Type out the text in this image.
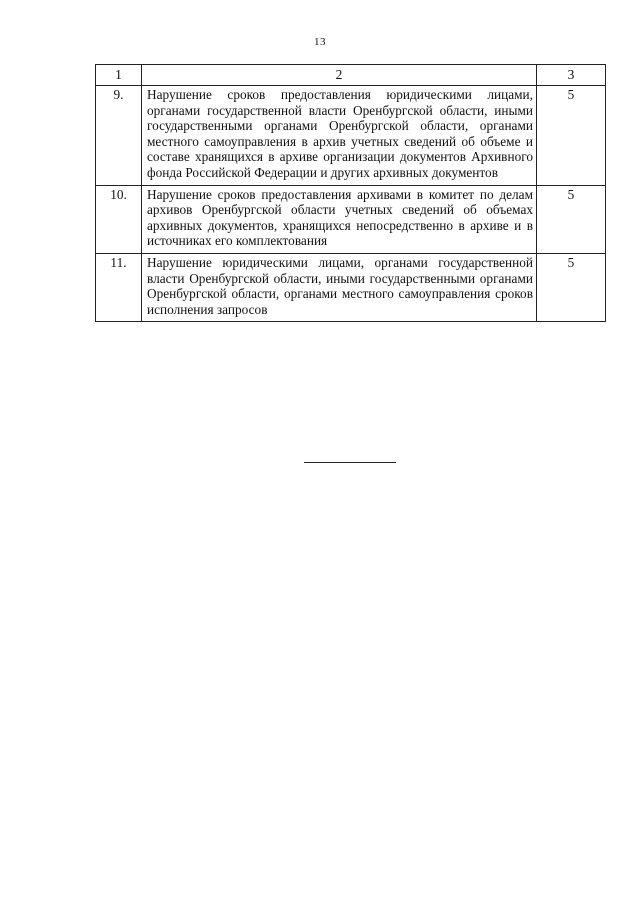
13
1	2	3
9.	Нарушение сроков предоставления юридическими лицами, органами государственной власти Оренбургской области, иными государственными органами Оренбургской области, органами местного самоуправления в архив учетных сведений об объеме и составе хранящихся в архиве организации документов Архивного фонда Российской Федерации и других архивных документов	5
10.	Нарушение сроков предоставления архивами в комитет по делам архивов Оренбургской области учетных сведений об объемах архивных документов, хранящихся непосредственно в архиве и в источниках его комплектования	5
11.	Нарушение юридическими лицами, органами государственной власти Оренбургской области, иными государственными органами Оренбургской области, органами местного самоуправления сроков исполнения запросов	5
